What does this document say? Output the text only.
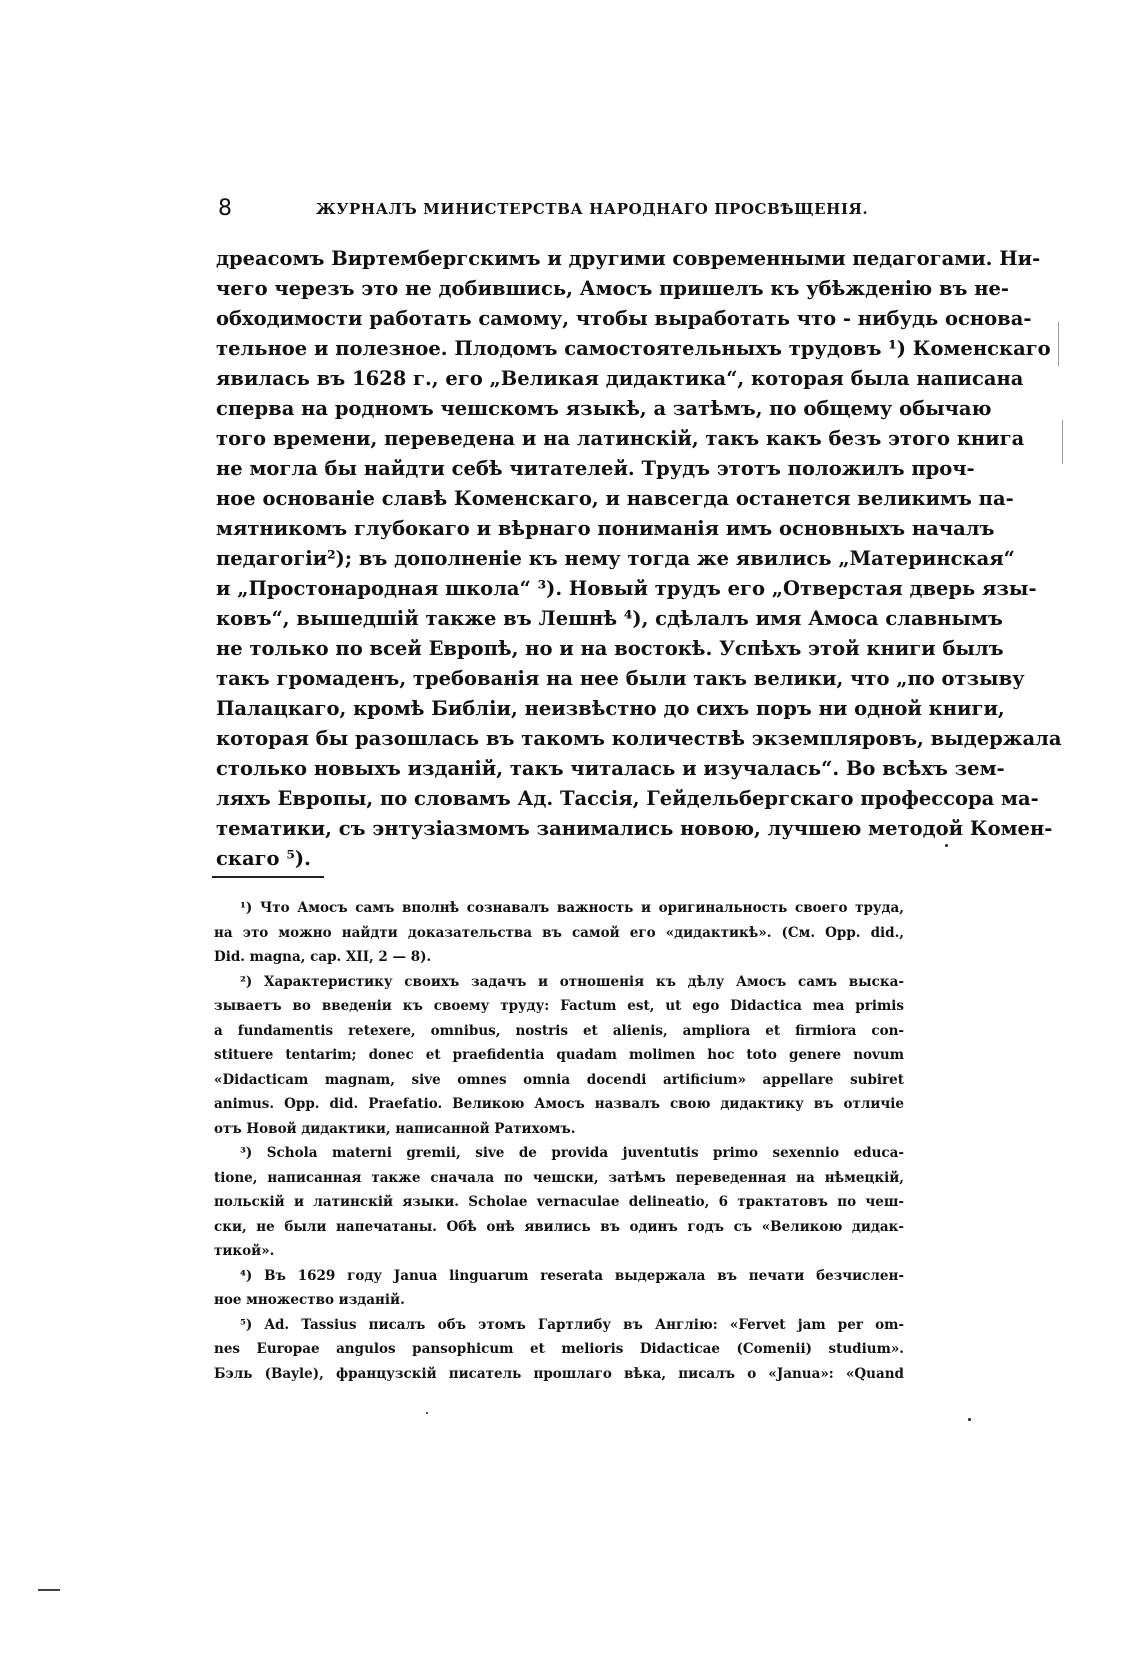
8	ЖУРНАЛЪ МИНИСТЕРСТВА НАРОДНАГО ПРОСВѢЩЕНІЯ.
дреасомъ Виртембергскимъ и другими современными педагогами. Ни-
чего черезъ это не добившись, Амосъ пришелъ къ убѣжденію въ не-
обходимости работать самому, чтобы выработать что - нибудь основа-
тельное и полезное. Плодомъ самостоятельныхъ трудовъ ¹) Коменскаго
явилась въ 1628 г., его „Великая дидактика“, которая была написана
сперва на родномъ чешскомъ языкѣ, а затѣмъ, по общему обычаю
того времени, переведена и на латинскій, такъ какъ безъ этого книга
не могла бы найдти себѣ читателей. Трудъ этотъ положилъ проч-
ное основаніе славѣ Коменскаго, и навсегда останется великимъ па-
мятникомъ глубокаго и вѣрнаго пониманія имъ основныхъ началъ
педагогіи²); въ дополненіе къ нему тогда же явились „Материнская“
и „Простонародная школа“ ³). Новый трудъ его „Отверстая дверь язы-
ковъ“, вышедшій также въ Лешнѣ ⁴), сдѣлалъ имя Амоса славнымъ
не только по всей Европѣ, но и на востокѣ. Успѣхъ этой книги былъ
такъ громаденъ, требованія на нее были такъ велики, что „по отзыву
Палацкаго, кромѣ Библіи, неизвѣстно до сихъ поръ ни одной книги,
которая бы разошлась въ такомъ количествѣ экземпляровъ, выдержала
столько новыхъ изданій, такъ читалась и изучалась“. Во всѣхъ зем-
ляхъ Европы, по словамъ Ад. Тассія, Гейдельбергскаго профессора ма-
тематики, съ энтузіазмомъ занимались новою, лучшею методой Комен-
скаго ⁵).
¹) Что Амосъ самъ вполнѣ сознавалъ важность и оригинальность своего труда,
на это можно найдти доказательства въ самой его «дидактикѣ». (См. Opp. did.,
Did. magna, cap. XII, 2 — 8).
²) Характеристику своихъ задачъ и отношенія къ дѣлу Амосъ самъ выска-
зываетъ во введеніи къ своему труду: Factum est, ut ego Didactica mea primis
a fundamentis retexere, omnibus, nostris et alienis, ampliora et firmiora con-
stituere tentarim; donec et praefidentia quadam molimen hoc toto genere novum
«Didacticam magnam, sive omnes omnia docendi artificium» appellare subiret
animus. Opp. did. Praefatio. Великою Амосъ назвалъ свою дидактику въ отличіе
отъ Новой дидактики, написанной Ратихомъ.
³) Schola materni gremii, sive de provida juventutis primo sexennio educa-
tione, написанная также сначала по чешски, затѣмъ переведенная на нѣмецкій,
польскій и латинскій языки. Scholae vernaculae delineatio, 6 трактатовъ по чеш-
ски, не были напечатаны. Обѣ онѣ явились въ одинъ годъ съ «Великою дидак-
тикой».
⁴) Въ 1629 году Janua linguarum reserata выдержала въ печати безчислен-
ное множество изданій.
⁵) Ad. Tassius писалъ объ этомъ Гартлибу въ Англію: «Fervet jam per om-
nes Europae angulos pansophicum et melioris Didacticae (Comenii) studium».
Бэль (Bayle), французскій писатель прошлаго вѣка, писалъ о «Janua»: «Quand
